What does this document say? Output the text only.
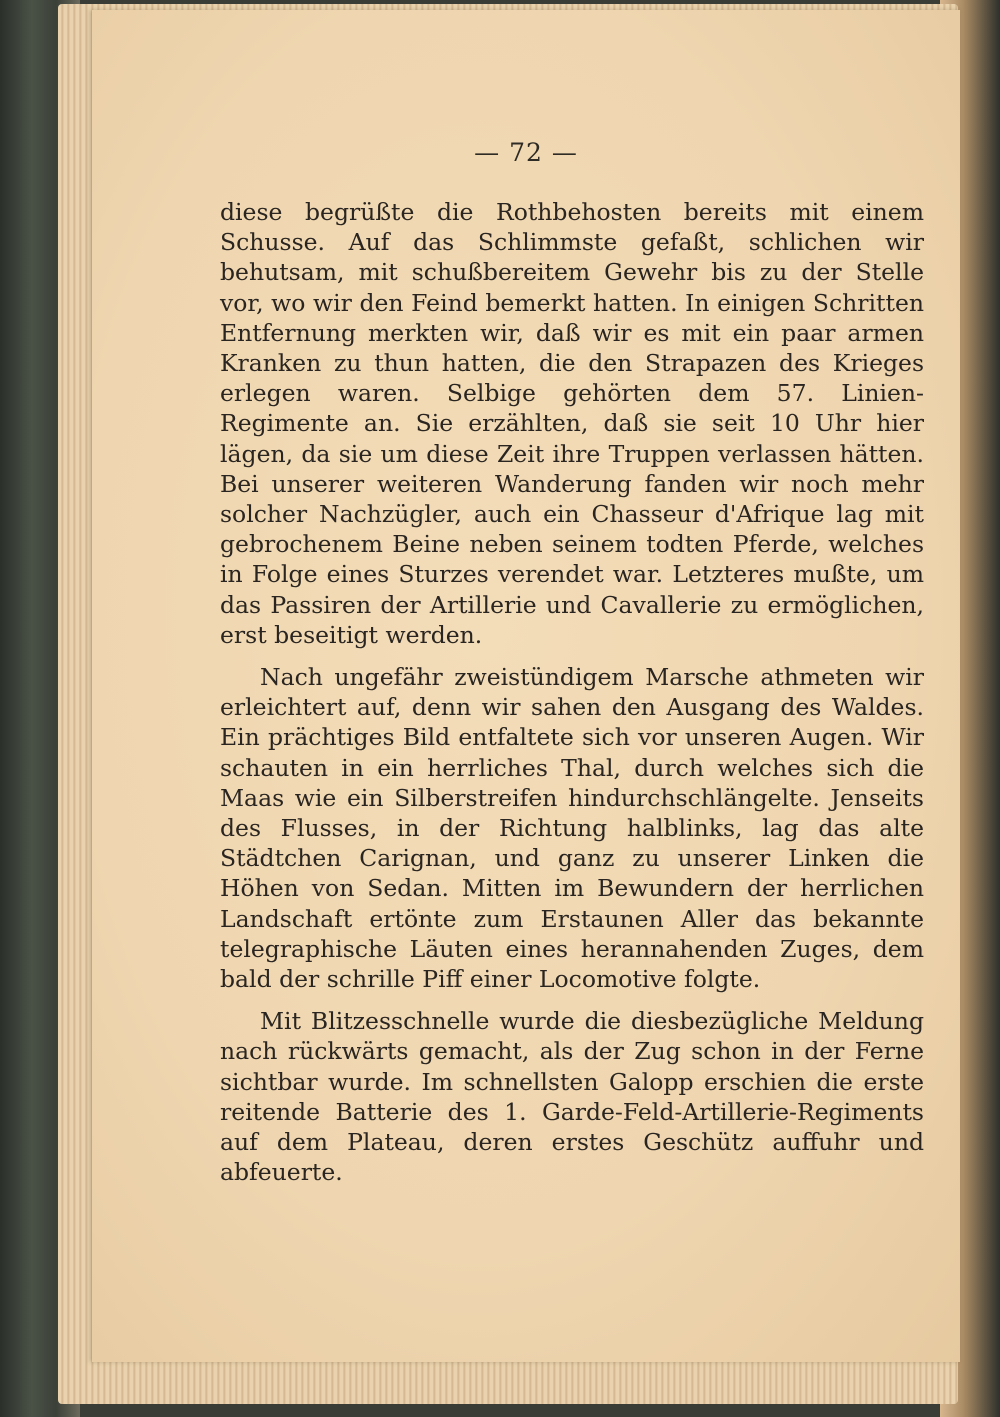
— 72 —

diese begrüßte die Rothbehosten bereits mit einem Schusse. Auf das Schlimmste gefaßt, schlichen wir behutsam, mit schußbereitem Gewehr bis zu der Stelle vor, wo wir den Feind bemerkt hatten. In einigen Schritten Entfernung merkten wir, daß wir es mit ein paar armen Kranken zu thun hatten, die den Strapazen des Krieges erlegen waren. Selbige gehörten dem 57. Linien-Regimente an. Sie erzählten, daß sie seit 10 Uhr hier lägen, da sie um diese Zeit ihre Truppen verlassen hätten. Bei unserer weiteren Wanderung fanden wir noch mehr solcher Nachzügler, auch ein Chasseur d'Afrique lag mit gebrochenem Beine neben seinem todten Pferde, welches in Folge eines Sturzes verendet war. Letzteres mußte, um das Passiren der Artillerie und Cavallerie zu ermöglichen, erst beseitigt werden.

Nach ungefähr zweistündigem Marsche athmeten wir erleichtert auf, denn wir sahen den Ausgang des Waldes. Ein prächtiges Bild entfaltete sich vor unseren Augen. Wir schauten in ein herrliches Thal, durch welches sich die Maas wie ein Silberstreifen hindurchschlängelte. Jenseits des Flusses, in der Richtung halblinks, lag das alte Städtchen Carignan, und ganz zu unserer Linken die Höhen von Sedan. Mitten im Bewundern der herrlichen Landschaft ertönte zum Erstaunen Aller das bekannte telegraphische Läuten eines herannahenden Zuges, dem bald der schrille Piff einer Locomotive folgte.

Mit Blitzesschnelle wurde die diesbezügliche Meldung nach rückwärts gemacht, als der Zug schon in der Ferne sichtbar wurde. Im schnellsten Galopp erschien die erste reitende Batterie des 1. Garde-Feld-Artillerie-Regiments auf dem Plateau, deren erstes Geschütz auffuhr und abfeuerte.
